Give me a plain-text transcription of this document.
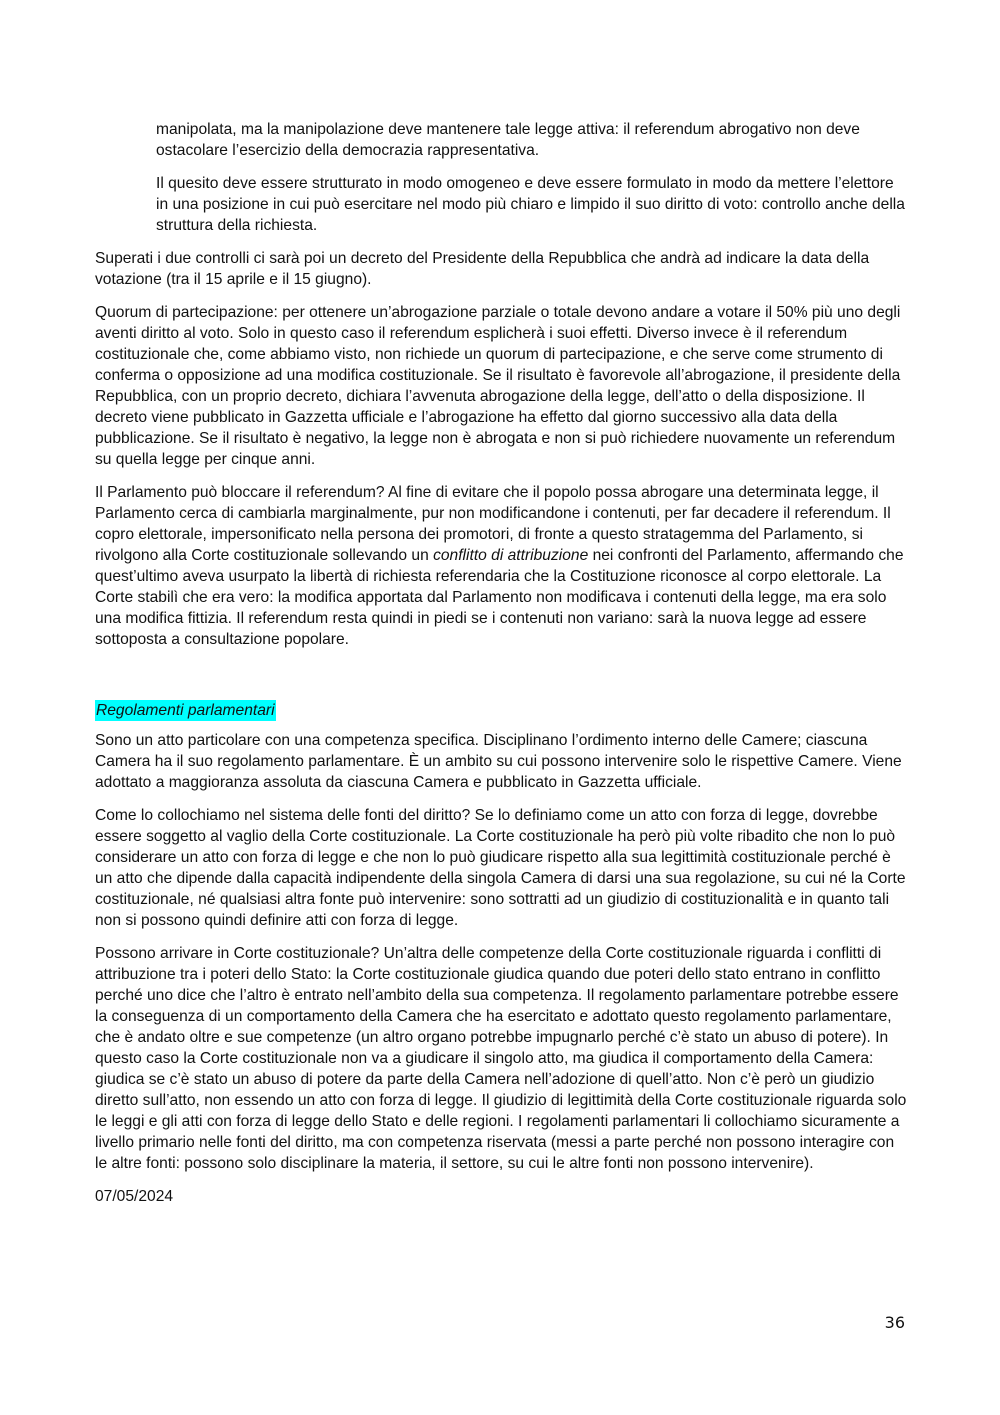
manipolata, ma la manipolazione deve mantenere tale legge attiva: il referendum abrogativo non deve ostacolare l’esercizio della democrazia rappresentativa.

Il quesito deve essere strutturato in modo omogeneo e deve essere formulato in modo da mettere l’elettore in una posizione in cui può esercitare nel modo più chiaro e limpido il suo diritto di voto: controllo anche della struttura della richiesta.

Superati i due controlli ci sarà poi un decreto del Presidente della Repubblica che andrà ad indicare la data della votazione (tra il 15 aprile e il 15 giugno).

Quorum di partecipazione: per ottenere un’abrogazione parziale o totale devono andare a votare il 50% più uno degli aventi diritto al voto. Solo in questo caso il referendum esplicherà i suoi effetti. Diverso invece è il referendum costituzionale che, come abbiamo visto, non richiede un quorum di partecipazione, e che serve come strumento di conferma o opposizione ad una modifica costituzionale. Se il risultato è favorevole all’abrogazione, il presidente della Repubblica, con un proprio decreto, dichiara l’avvenuta abrogazione della legge, dell’atto o della disposizione. Il decreto viene pubblicato in Gazzetta ufficiale e l’abrogazione ha effetto dal giorno successivo alla data della pubblicazione. Se il risultato è negativo, la legge non è abrogata e non si può richiedere nuovamente un referendum su quella legge per cinque anni.

Il Parlamento può bloccare il referendum? Al fine di evitare che il popolo possa abrogare una determinata legge, il Parlamento cerca di cambiarla marginalmente, pur non modificandone i contenuti, per far decadere il referendum. Il copro elettorale, impersonificato nella persona dei promotori, di fronte a questo stratagemma del Parlamento, si rivolgono alla Corte costituzionale sollevando un conflitto di attribuzione nei confronti del Parlamento, affermando che quest’ultimo aveva usurpato la libertà di richiesta referendaria che la Costituzione riconosce al corpo elettorale. La Corte stabilì che era vero: la modifica apportata dal Parlamento non modificava i contenuti della legge, ma era solo una modifica fittizia. Il referendum resta quindi in piedi se i contenuti non variano: sarà la nuova legge ad essere sottoposta a consultazione popolare.

Regolamenti parlamentari

Sono un atto particolare con una competenza specifica. Disciplinano l’ordimento interno delle Camere; ciascuna Camera ha il suo regolamento parlamentare. È un ambito su cui possono intervenire solo le rispettive Camere. Viene adottato a maggioranza assoluta da ciascuna Camera e pubblicato in Gazzetta ufficiale.

Come lo collochiamo nel sistema delle fonti del diritto? Se lo definiamo come un atto con forza di legge, dovrebbe essere soggetto al vaglio della Corte costituzionale. La Corte costituzionale ha però più volte ribadito che non lo può considerare un atto con forza di legge e che non lo può giudicare rispetto alla sua legittimità costituzionale perché è un atto che dipende dalla capacità indipendente della singola Camera di darsi una sua regolazione, su cui né la Corte costituzionale, né qualsiasi altra fonte può intervenire: sono sottratti ad un giudizio di costituzionalità e in quanto tali non si possono quindi definire atti con forza di legge.

Possono arrivare in Corte costituzionale? Un’altra delle competenze della Corte costituzionale riguarda i conflitti di attribuzione tra i poteri dello Stato: la Corte costituzionale giudica quando due poteri dello stato entrano in conflitto perché uno dice che l’altro è entrato nell’ambito della sua competenza. Il regolamento parlamentare potrebbe essere la conseguenza di un comportamento della Camera che ha esercitato e adottato questo regolamento parlamentare, che è andato oltre e sue competenze (un altro organo potrebbe impugnarlo perché c’è stato un abuso di potere). In questo caso la Corte costituzionale non va a giudicare il singolo atto, ma giudica il comportamento della Camera: giudica se c’è stato un abuso di potere da parte della Camera nell’adozione di quell’atto. Non c’è però un giudizio diretto sull’atto, non essendo un atto con forza di legge. Il giudizio di legittimità della Corte costituzionale riguarda solo le leggi e gli atti con forza di legge dello Stato e delle regioni. I regolamenti parlamentari li collochiamo sicuramente a livello primario nelle fonti del diritto, ma con competenza riservata (messi a parte perché non possono interagire con le altre fonti: possono solo disciplinare la materia, il settore, su cui le altre fonti non possono intervenire).

07/05/2024

36
